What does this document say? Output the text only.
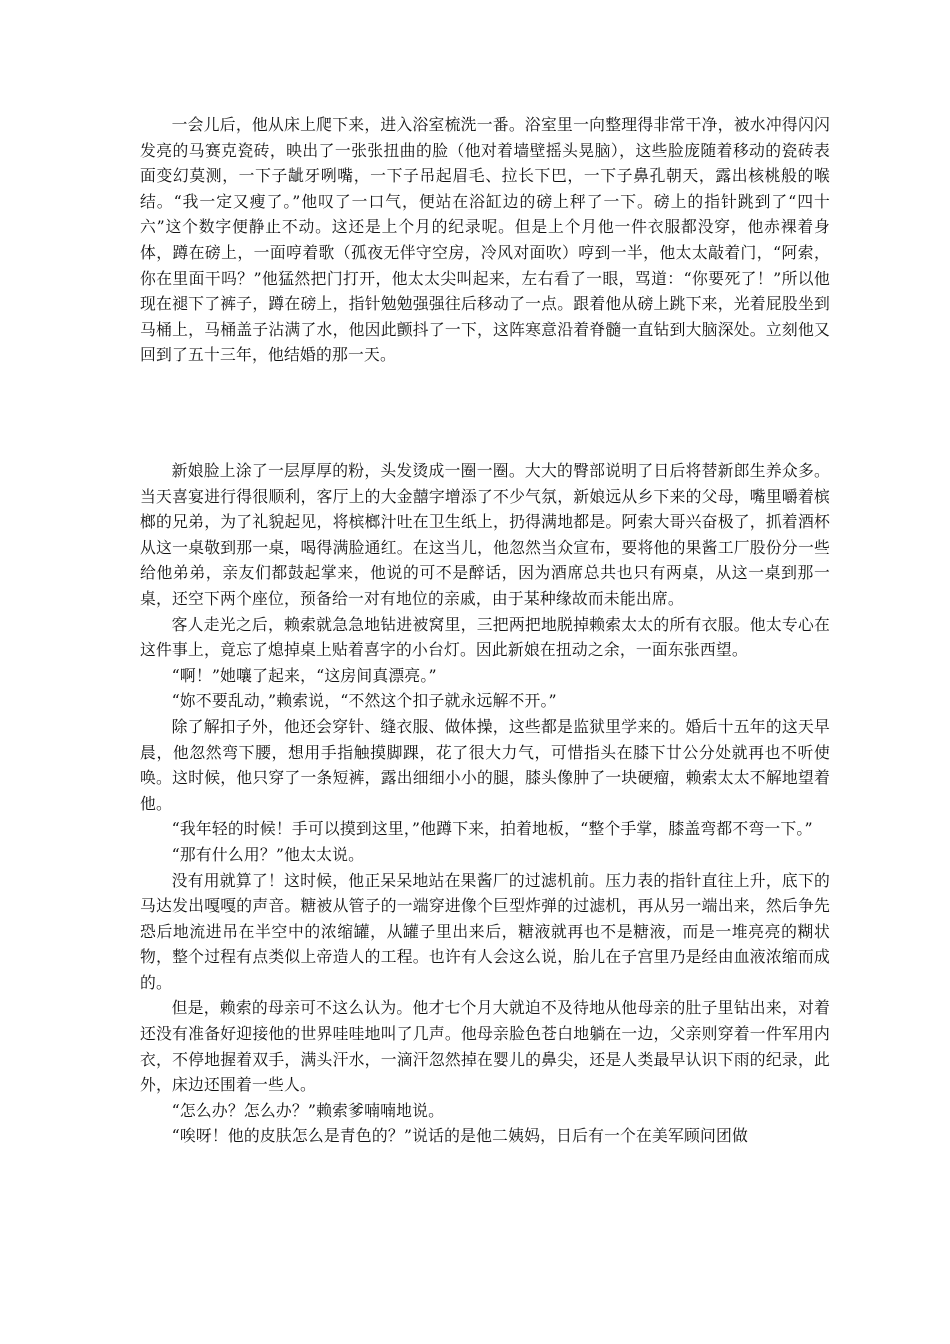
一会儿后，他从床上爬下来，进入浴室梳洗一番。浴室里一向整理得非常干净，被水冲得闪闪发亮的马赛克瓷砖，映出了一张张扭曲的脸（他对着墙壁摇头晃脑），这些脸庞随着移动的瓷砖表面变幻莫测，一下子龇牙咧嘴，一下子吊起眉毛、拉长下巴，一下子鼻孔朝天，露出核桃般的喉结。“我一定又瘦了。”他叹了一口气，便站在浴缸边的磅上秤了一下。磅上的指针跳到了“四十六”这个数字便静止不动。这还是上个月的纪录呢。但是上个月他一件衣服都没穿，他赤裸着身体，蹲在磅上，一面哼着歌（孤夜无伴守空房，冷风对面吹）哼到一半，他太太敲着门，“阿索，你在里面干吗？”他猛然把门打开，他太太尖叫起来，左右看了一眼，骂道：“你要死了！”所以他现在褪下了裤子，蹲在磅上，指针勉勉强强往后移动了一点。跟着他从磅上跳下来，光着屁股坐到马桶上，马桶盖子沾满了水，他因此颤抖了一下，这阵寒意沿着脊髓一直钻到大脑深处。立刻他又回到了五十三年，他结婚的那一天。

新娘脸上涂了一层厚厚的粉，头发烫成一圈一圈。大大的臀部说明了日后将替新郎生养众多。当天喜宴进行得很顺利，客厅上的大金囍字增添了不少气氛，新娘远从乡下来的父母，嘴里嚼着槟榔的兄弟，为了礼貌起见，将槟榔汁吐在卫生纸上，扔得满地都是。阿索大哥兴奋极了，抓着酒杯从这一桌敬到那一桌，喝得满脸通红。在这当儿，他忽然当众宣布，要将他的果酱工厂股份分一些给他弟弟，亲友们都鼓起掌来，他说的可不是醉话，因为酒席总共也只有两桌，从这一桌到那一桌，还空下两个座位，预备给一对有地位的亲戚，由于某种缘故而未能出席。

客人走光之后，赖索就急急地钻进被窝里，三把两把地脱掉赖索太太的所有衣服。他太专心在这件事上，竟忘了熄掉桌上贴着喜字的小台灯。因此新娘在扭动之余，一面东张西望。

“啊！”她嚷了起来，“这房间真漂亮。”

“妳不要乱动，”赖索说，“不然这个扣子就永远解不开。”

除了解扣子外，他还会穿针、缝衣服、做体操，这些都是监狱里学来的。婚后十五年的这天早晨，他忽然弯下腰，想用手指触摸脚踝，花了很大力气，可惜指头在膝下廿公分处就再也不听使唤。这时候，他只穿了一条短裤，露出细细小小的腿，膝头像肿了一块硬瘤，赖索太太不解地望着他。

“我年轻的时候！手可以摸到这里，”他蹲下来，拍着地板，“整个手掌，膝盖弯都不弯一下。”

“那有什么用？”他太太说。

没有用就算了！这时候，他正呆呆地站在果酱厂的过滤机前。压力表的指针直往上升，底下的马达发出嘎嘎的声音。糖被从管子的一端穿进像个巨型炸弹的过滤机，再从另一端出来，然后争先恐后地流进吊在半空中的浓缩罐，从罐子里出来后，糖液就再也不是糖液，而是一堆亮亮的糊状物，整个过程有点类似上帝造人的工程。也许有人会这么说，胎儿在子宫里乃是经由血液浓缩而成的。

但是，赖索的母亲可不这么认为。他才七个月大就迫不及待地从他母亲的肚子里钻出来，对着还没有准备好迎接他的世界哇哇地叫了几声。他母亲脸色苍白地躺在一边，父亲则穿着一件军用内衣，不停地握着双手，满头汗水，一滴汗忽然掉在婴儿的鼻尖，还是人类最早认识下雨的纪录，此外，床边还围着一些人。

“怎么办？怎么办？”赖索爹喃喃地说。

“唉呀！他的皮肤怎么是青色的？”说话的是他二姨妈，日后有一个在美军顾问团做
